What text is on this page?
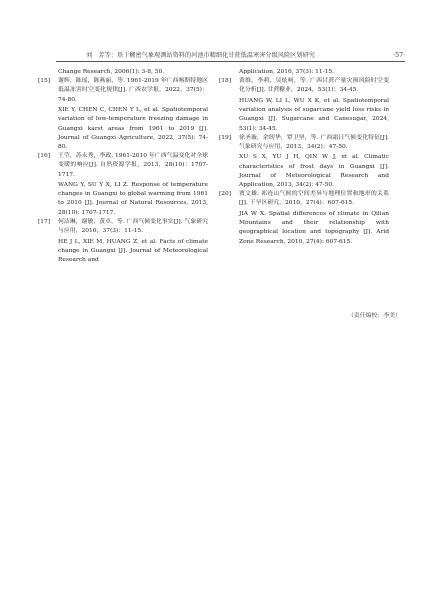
刘　芳等：基于稠密气象观测站资料的河池市精细化甘蔗低温寒害分级风险区划研究	·57·

Change Research, 2006(1): 3-8, 50.

[15] 谢辉，陈瑶，陈燕丽，等. 1961-2019 年广西喀斯特地区低温冻害时空变化规律[J]. 广西农学报，2022，37(5)：74-80.

XIE Y, CHEN C, CHEN Y L, et al. Spatiotemporal variation of low-temperature freezing damage in Guangxi karst areas from 1961 to 2019 [J]. Journal of Guangxi Agriculture, 2022, 37(5): 74-80.

[16] 王莹，苏永秀，李政. 1961-2010 年广西气温变化对全球变暖的响应[J]. 自然资源学报，2013，28(10)：1707-1717.

WANG Y, SU Y X, LI Z. Response of temperature changes in Guangxi to global warming from 1961 to 2010 [J]. Journal of Natural Resources, 2013, 28(10): 1707-1717.

[17] 何洁琳，谢敏，黄卓，等. 广西气候变化事实[J]. 气象研究与应用，2016，37(3)：11-15.

HE J L, XIE M, HUANG Z, et al. Facts of climate change in Guangxi [J]. Journal of Meteorological Research and

Application, 2016, 37(3): 11-15.

[18] 黄维，李莉，吴炫柯，等. 广西甘蔗产量灾损风险时空变化分析[J]. 甘蔗糖业，2024，53(1)：34-45.

HUANG W, LI L, WU X K, et al. Spatiotemporal variation analysis of sugarcane yield loss risks in Guangxi [J]. Sugarcane and Canesugar, 2024, 53(1): 34-45.

[19] 徐圣璇，余纫华，覃卫坚，等. 广西霜日气候变化特征[J]. 气象研究与应用，2013，34(2)：47-50.

XU S X, YU J H, QIN W J, et al. Climatic characteristics of frost days in Guangxi [J]. Journal of Meteorological Research and Application, 2013, 34(2): 47-50.

[20] 贾文雄. 祁连山气候的空间差异与地理位置和地形的关系[J]. 干旱区研究，2010，27(4)：607-615.

JIA W X. Spatial differences of climate in Qilian Mountains and their relationship with geographical location and topography [J]. Arid Zone Research, 2010, 27(4): 607-615.

（责任编校：李美）
